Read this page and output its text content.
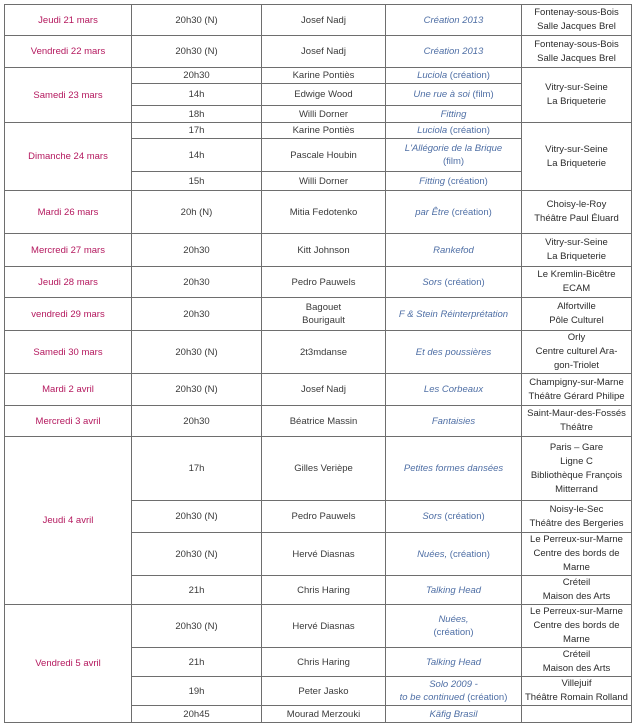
Jeudi 21 mars	20h30 (N)	Josef Nadj	Création 2013	Fontenay-sous-Bois
Salle Jacques Brel

Vendredi 22 mars	20h30 (N)	Josef Nadj	Création 2013	Fontenay-sous-Bois
Salle Jacques Brel

Samedi 23 mars	20h30	Karine Pontiès	Luciola (création)	Vitry-sur-Seine
La Briqueterie

	14h	Edwige Wood	Une rue à soi (film)	

	18h	Willi Dorner	Fitting	

Dimanche 24 mars	17h	Karine Pontiès	Luciola (création)	Vitry-sur-Seine
La Briqueterie

	14h	Pascale Houbin	L'Allégorie de la Brique
(film)	

	15h	Willi Dorner	Fitting (création)	

Mardi 26 mars	20h (N)	Mitia Fedotenko	par Être (création)	Choisy-le-Roy
Théâtre Paul Éluard

Mercredi 27 mars	20h30	Kitt Johnson	Rankefod	Vitry-sur-Seine
La Briqueterie

Jeudi 28 mars	20h30	Pedro Pauwels	Sors (création)	Le Kremlin-Bicêtre
ECAM

vendredi 29 mars	20h30	Bagouet
Bourigault	F & Stein Réinterprétation	Alfortville
Pôle Culturel

Samedi 30 mars	20h30 (N)	2t3mdanse	Et des poussières	Orly
Centre culturel Ara-
gon-Triolet

Mardi 2 avril	20h30 (N)	Josef Nadj	Les Corbeaux	Champigny-sur-Marne
Théâtre Gérard Philipe

Mercredi 3 avril	20h30	Béatrice Massin	Fantaisies	Saint-Maur-des-Fossés
Théâtre

Jeudi 4 avril	17h	Gilles Verièpe	Petites formes dansées	Paris – Gare
Ligne C
Bibliothèque François
Mitterrand

	20h30 (N)	Pedro Pauwels	Sors (création)	Noisy-le-Sec
Théâtre des Bergeries

	20h30 (N)	Hervé Diasnas	Nuées, (création)	Le Perreux-sur-Marne
Centre des bords de Marne

	21h	Chris Haring	Talking Head	Créteil
Maison des Arts

Vendredi 5 avril	20h30 (N)	Hervé Diasnas	Nuées,
(création)	Le Perreux-sur-Marne
Centre des bords de Marne

	21h	Chris Haring	Talking Head	Créteil
Maison des Arts

	19h	Peter Jasko	Solo 2009 -
to be continued (création)	Villejuif
Théâtre Romain Rolland

	20h45	Mourad Merzouki	Käfig Brasil	
